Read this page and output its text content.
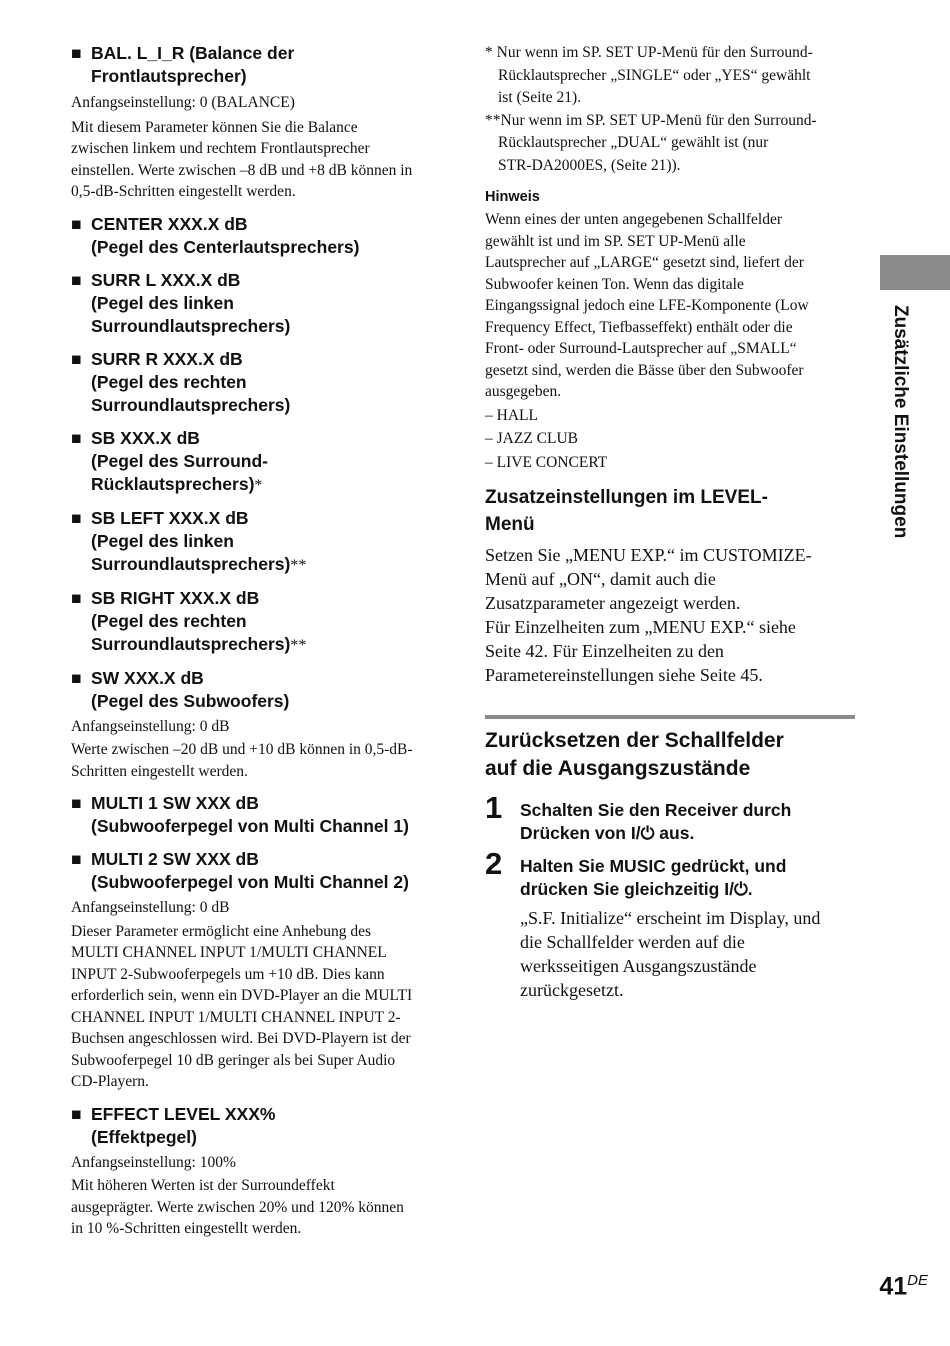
Zusätzliche Einstellungen
■ BAL. L_I_R (Balance der
Frontlautsprecher)

Anfangseinstellung: 0 (BALANCE)

Mit diesem Parameter können Sie die Balance
zwischen linkem und rechtem Frontlautsprecher
einstellen. Werte zwischen –8 dB und +8 dB können in
0,5-dB-Schritten eingestellt werden.

■ CENTER XXX.X dB
(Pegel des Centerlautsprechers)
■ SURR L XXX.X dB
(Pegel des linken
Surroundlautsprechers)
■ SURR R XXX.X dB
(Pegel des rechten
Surroundlautsprechers)
■ SB XXX.X dB
(Pegel des Surround-
Rücklautsprechers)*
■ SB LEFT XXX.X dB
(Pegel des linken
Surroundlautsprechers)**
■ SB RIGHT XXX.X dB
(Pegel des rechten
Surroundlautsprechers)**
■ SW XXX.X dB
(Pegel des Subwoofers)

Anfangseinstellung: 0 dB

Werte zwischen –20 dB und +10 dB können in 0,5-dB-
Schritten eingestellt werden.

■ MULTI 1 SW XXX dB
(Subwooferpegel von Multi Channel 1)
■ MULTI 2 SW XXX dB
(Subwooferpegel von Multi Channel 2)

Anfangseinstellung: 0 dB

Dieser Parameter ermöglicht eine Anhebung des
MULTI CHANNEL INPUT 1/MULTI CHANNEL
INPUT 2-Subwooferpegels um +10 dB. Dies kann
erforderlich sein, wenn ein DVD-Player an die MULTI
CHANNEL INPUT 1/MULTI CHANNEL INPUT 2-
Buchsen angeschlossen wird. Bei DVD-Playern ist der
Subwooferpegel 10 dB geringer als bei Super Audio
CD-Playern.

■ EFFECT LEVEL XXX%
(Effektpegel)

Anfangseinstellung: 100%

Mit höheren Werten ist der Surroundeffekt
ausgeprägter. Werte zwischen 20% und 120% können
in 10 %-Schritten eingestellt werden.

* Nur wenn im SP. SET UP-Menü für den Surround-
Rücklautsprecher „SINGLE“ oder „YES“ gewählt
ist (Seite 21).

**Nur wenn im SP. SET UP-Menü für den Surround-
Rücklautsprecher „DUAL“ gewählt ist (nur
STR-DA2000ES, (Seite 21)).

Hinweis

Wenn eines der unten angegebenen Schallfelder
gewählt ist und im SP. SET UP-Menü alle
Lautsprecher auf „LARGE“ gesetzt sind, liefert der
Subwoofer keinen Ton. Wenn das digitale
Eingangssignal jedoch eine LFE-Komponente (Low
Frequency Effect, Tiefbasseffekt) enthält oder die
Front- oder Surround-Lautsprecher auf „SMALL“
gesetzt sind, werden die Bässe über den Subwoofer
ausgegeben.

– HALL
– JAZZ CLUB
– LIVE CONCERT

Zusatzeinstellungen im LEVEL-
Menü

Setzen Sie „MENU EXP.“ im CUSTOMIZE-
Menü auf „ON“, damit auch die
Zusatzparameter angezeigt werden.
Für Einzelheiten zum „MENU EXP.“ siehe
Seite 42. Für Einzelheiten zu den
Parametereinstellungen siehe Seite 45.

Zurücksetzen der Schallfelder
auf die Ausgangszustände

1 Schalten Sie den Receiver durch
Drücken von I/⏻ aus.
2 Halten Sie MUSIC gedrückt, und
drücken Sie gleichzeitig I/⏻.

„S.F. Initialize“ erscheint im Display, und
die Schallfelder werden auf die
werksseitigen Ausgangszustände
zurückgesetzt.

41DE
